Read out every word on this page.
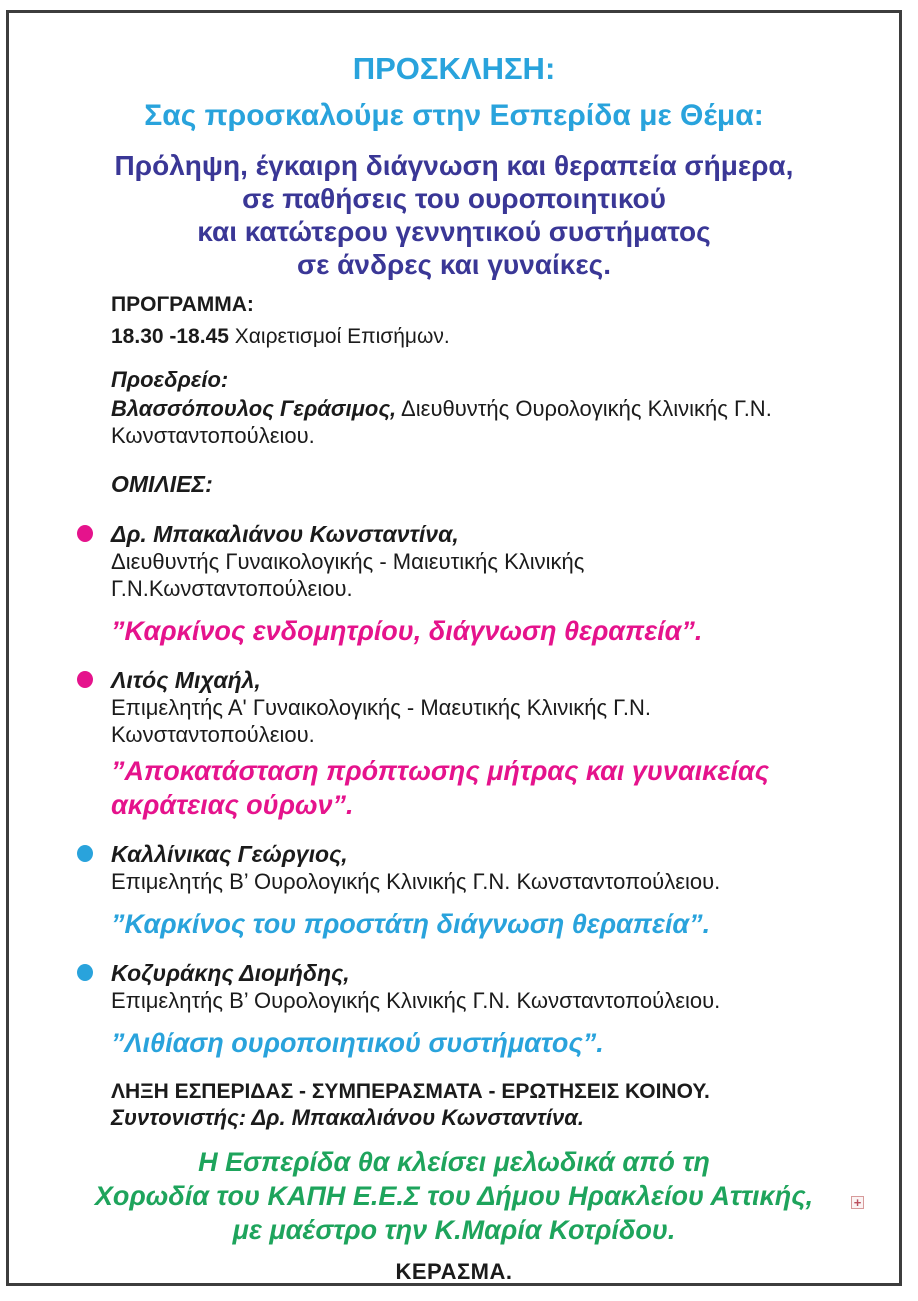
ΠΡΟΣΚΛΗΣΗ:
Σας προσκαλούμε στην Εσπερίδα με Θέμα:
Πρόληψη, έγκαιρη διάγνωση και θεραπεία σήμερα,
σε παθήσεις του ουροποιητικού
και κατώτερου γεννητικού συστήματος
σε άνδρες και γυναίκες.
ΠΡΟΓΡΑΜΜΑ:
18.30 -18.45 Χαιρετισμοί Επισήμων.
Προεδρείο:
Βλασσόπουλος Γεράσιμος, Διευθυντής Ουρολογικής Κλινικής Γ.Ν. Κωνσταντοπούλειου.
ΟΜΙΛΙΕΣ:
Δρ. Μπακαλιάνου Κωνσταντίνα,
Διευθυντής Γυναικολογικής - Μαιευτικής Κλινικής
Γ.Ν.Κωνσταντοπούλειου.
”Καρκίνος ενδομητρίου, διάγνωση θεραπεία”.
Λιτός Μιχαήλ,
Επιμελητής Α' Γυναικολογικής - Μαευτικής Κλινικής Γ.Ν.
Κωνσταντοπούλειου.
”Αποκατάσταση πρόπτωσης μήτρας και γυναικείας ακράτειας ούρων”.
Καλλίνικας Γεώργιος,
Επιμελητής Β’ Ουρολογικής Κλινικής Γ.Ν. Κωνσταντοπούλειου.
”Καρκίνος του προστάτη διάγνωση θεραπεία”.
Κοζυράκης Διομήδης,
Επιμελητής Β’ Ουρολογικής Κλινικής Γ.Ν. Κωνσταντοπούλειου.
”Λιθίαση ουροποιητικού συστήματος”.
ΛΗΞΗ ΕΣΠΕΡΙΔΑΣ - ΣΥΜΠΕΡΑΣΜΑΤΑ - ΕΡΩΤΗΣΕΙΣ ΚΟΙΝΟΥ.
Συντονιστής: Δρ. Μπακαλιάνου Κωνσταντίνα.
Η Εσπερίδα θα κλείσει μελωδικά από τη
Χορωδία του ΚΑΠΗ Ε.Ε.Σ του Δήμου Ηρακλείου Αττικής,
με μαέστρο την Κ.Μαρία Κοτρίδου.
ΚΕΡΑΣΜΑ.
+
